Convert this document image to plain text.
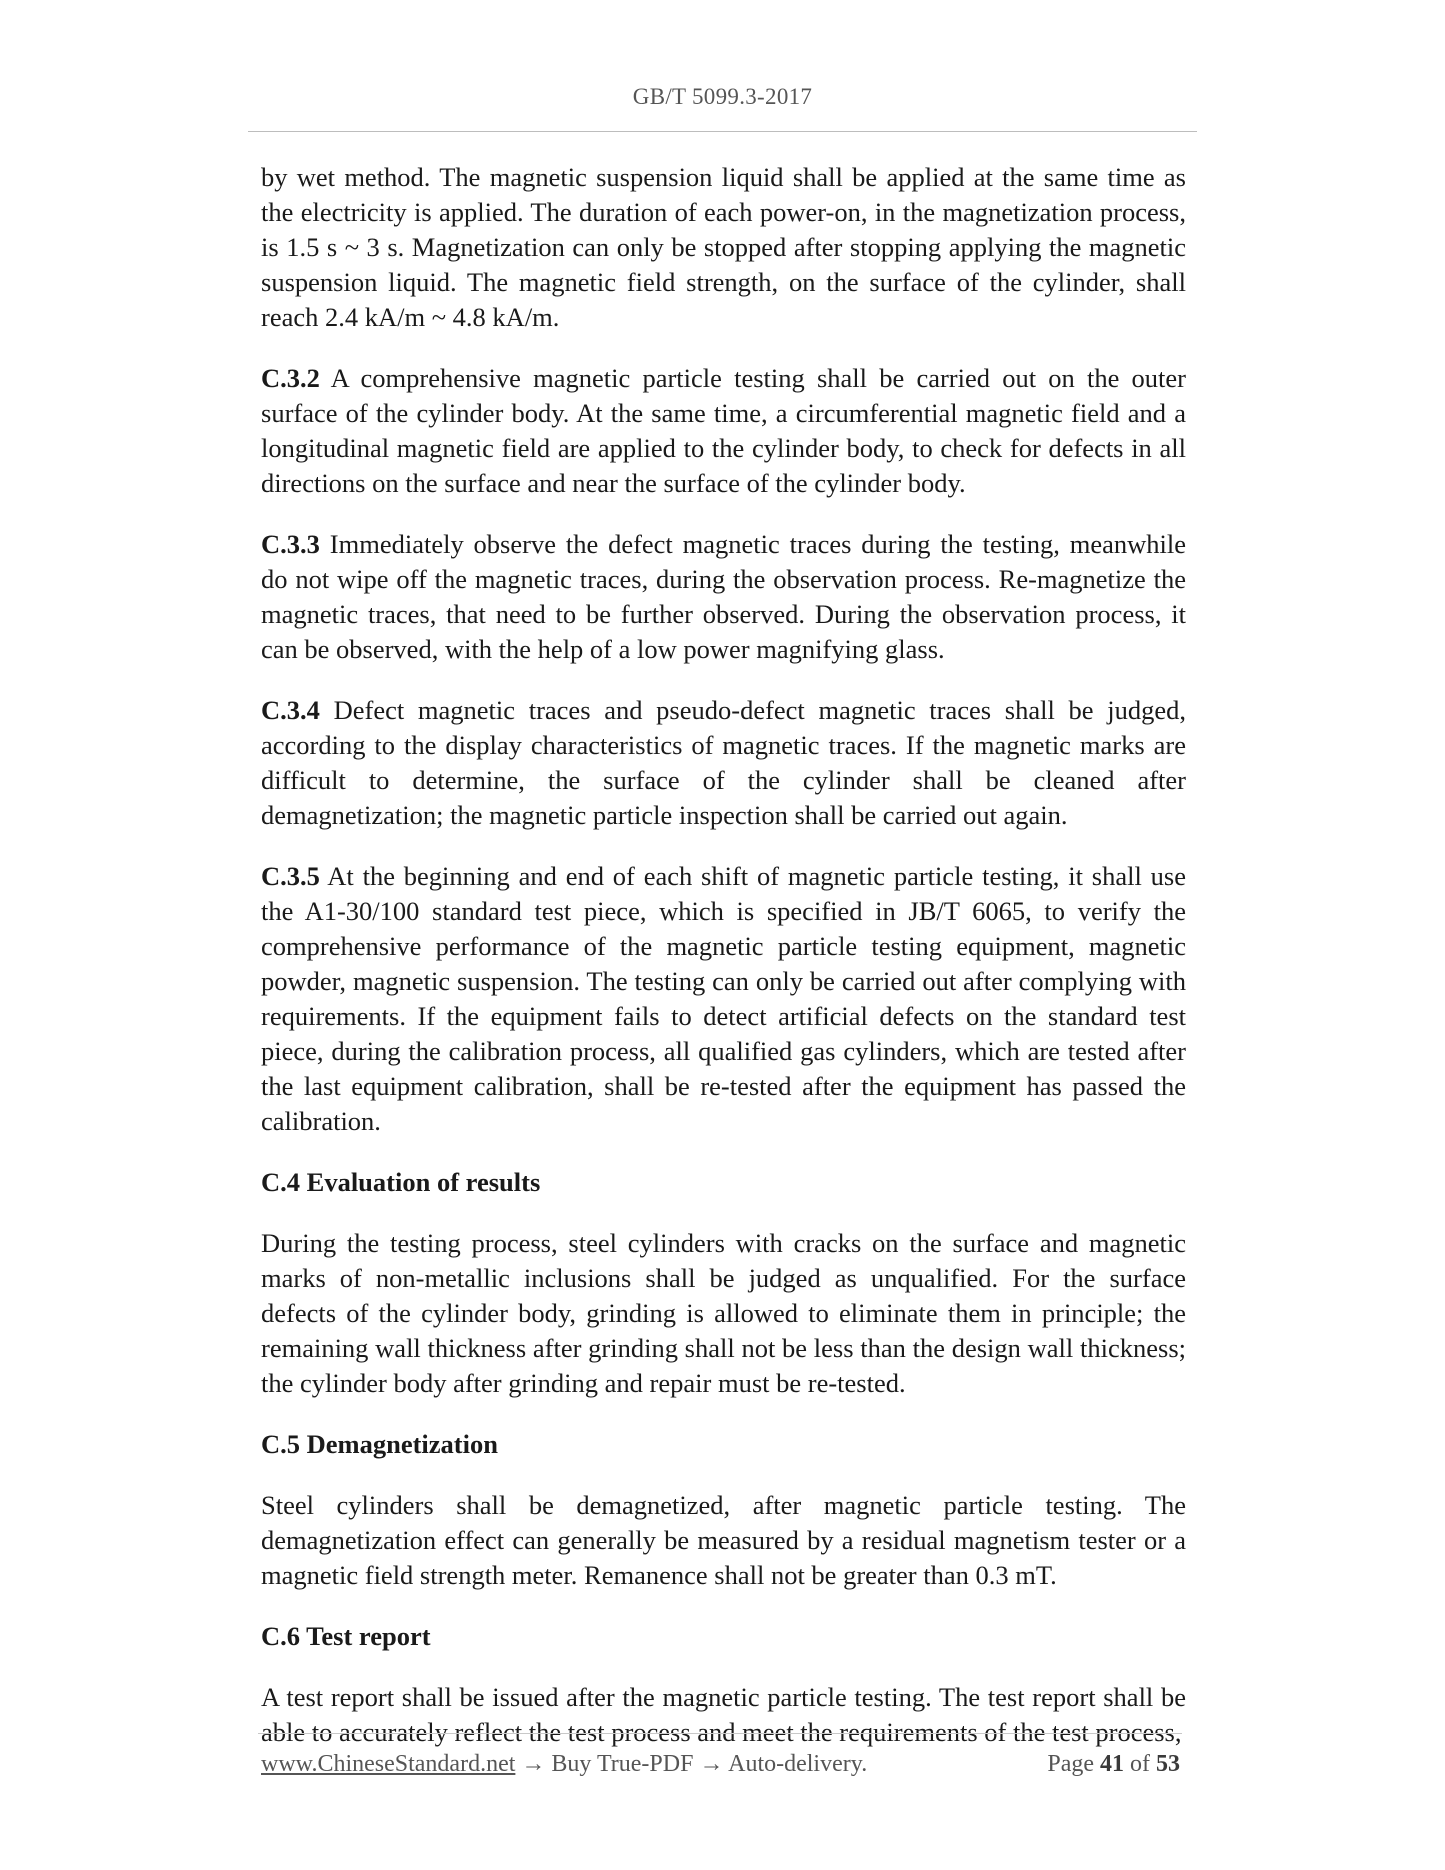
GB/T 5099.3-2017

by wet method. The magnetic suspension liquid shall be applied at the same time as the electricity is applied. The duration of each power-on, in the magnetization process, is 1.5 s ~ 3 s. Magnetization can only be stopped after stopping applying the magnetic suspension liquid. The magnetic field strength, on the surface of the cylinder, shall reach 2.4 kA/m ~ 4.8 kA/m.

C.3.2 A comprehensive magnetic particle testing shall be carried out on the outer surface of the cylinder body. At the same time, a circumferential magnetic field and a longitudinal magnetic field are applied to the cylinder body, to check for defects in all directions on the surface and near the surface of the cylinder body.

C.3.3 Immediately observe the defect magnetic traces during the testing, meanwhile do not wipe off the magnetic traces, during the observation process. Re-magnetize the magnetic traces, that need to be further observed. During the observation process, it can be observed, with the help of a low power magnifying glass.

C.3.4 Defect magnetic traces and pseudo-defect magnetic traces shall be judged, according to the display characteristics of magnetic traces. If the magnetic marks are difficult to determine, the surface of the cylinder shall be cleaned after demagnetization; the magnetic particle inspection shall be carried out again.

C.3.5 At the beginning and end of each shift of magnetic particle testing, it shall use the A1-30/100 standard test piece, which is specified in JB/T 6065, to verify the comprehensive performance of the magnetic particle testing equipment, magnetic powder, magnetic suspension. The testing can only be carried out after complying with requirements. If the equipment fails to detect artificial defects on the standard test piece, during the calibration process, all qualified gas cylinders, which are tested after the last equipment calibration, shall be re-tested after the equipment has passed the calibration.

C.4 Evaluation of results

During the testing process, steel cylinders with cracks on the surface and magnetic marks of non-metallic inclusions shall be judged as unqualified. For the surface defects of the cylinder body, grinding is allowed to eliminate them in principle; the remaining wall thickness after grinding shall not be less than the design wall thickness; the cylinder body after grinding and repair must be re-tested.

C.5 Demagnetization

Steel cylinders shall be demagnetized, after magnetic particle testing. The demagnetization effect can generally be measured by a residual magnetism tester or a magnetic field strength meter. Remanence shall not be greater than 0.3 mT.

C.6 Test report

A test report shall be issued after the magnetic particle testing. The test report shall be able to accurately reflect the test process and meet the requirements of the test process,

www.ChineseStandard.net → Buy True-PDF → Auto-delivery.	Page 41 of 53
